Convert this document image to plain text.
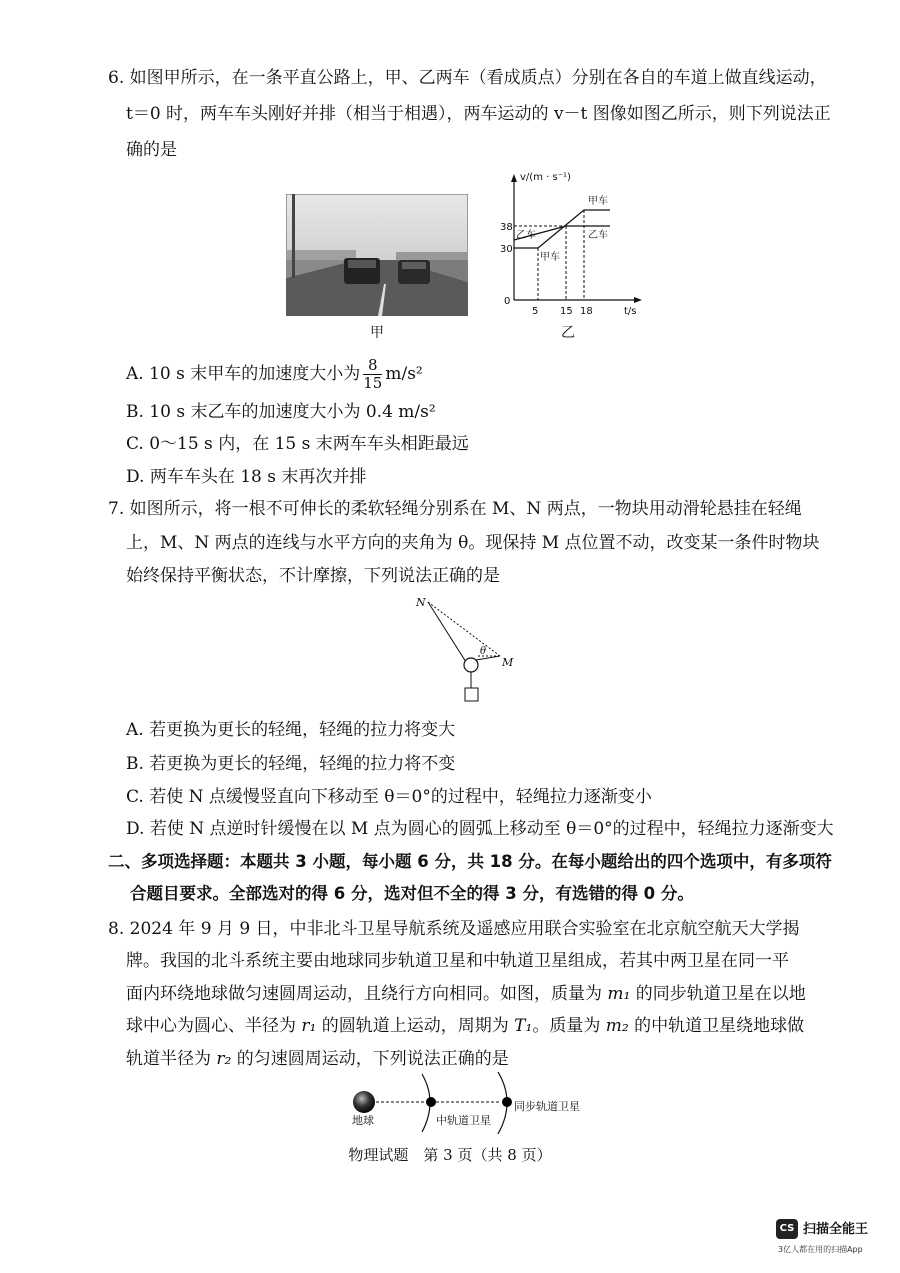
6. 如图甲所示，在一条平直公路上，甲、乙两车（看成质点）分别在各自的车道上做直线运动，
t＝0 时，两车车头刚好并排（相当于相遇），两车运动的 v－t 图像如图乙所示，则下列说法正
确的是
甲
v/(m · s⁻¹)
t/s
0
38
30
5 15 18
甲车
乙车
乙车
甲车
乙
A. 10 s 末甲车的加速度大小为 $\frac{8}{15} m/s^2$
B. 10 s 末乙车的加速度大小为 0.4 m/s²
C. 0～15 s 内，在 15 s 末两车车头相距最远
D. 两车车头在 18 s 末再次并排
7. 如图所示，将一根不可伸长的柔软轻绳分别系在 M、N 两点，一物块用动滑轮悬挂在轻绳
上，M、N 两点的连线与水平方向的夹角为 θ。现保持 M 点位置不动，改变某一条件时物块
始终保持平衡状态，不计摩擦，下列说法正确的是
N
M
θ
A. 若更换为更长的轻绳，轻绳的拉力将变大
B. 若更换为更长的轻绳，轻绳的拉力将不变
C. 若使 N 点缓慢竖直向下移动至 θ＝0°的过程中，轻绳拉力逐渐变小
D. 若使 N 点逆时针缓慢在以 M 点为圆心的圆弧上移动至 θ＝0°的过程中，轻绳拉力逐渐变大
二、多项选择题：本题共 3 小题，每小题 6 分，共 18 分。在每小题给出的四个选项中，有多项符
合题目要求。全部选对的得 6 分，选对但不全的得 3 分，有选错的得 0 分。
8. 2024 年 9 月 9 日，中非北斗卫星导航系统及遥感应用联合实验室在北京航空航天大学揭
牌。我国的北斗系统主要由地球同步轨道卫星和中轨道卫星组成，若其中两卫星在同一平
面内环绕地球做匀速圆周运动，且绕行方向相同。如图，质量为 m₁ 的同步轨道卫星在以地
球中心为圆心、半径为 r₁ 的圆轨道上运动，周期为 T₁。质量为 m₂ 的中轨道卫星绕地球做
轨道半径为 r₂ 的匀速圆周运动，下列说法正确的是
地球	中轨道卫星
同步轨道卫星
物理试题　第 3 页（共 8 页）
CS 扫描全能王
3亿人都在用的扫描App
